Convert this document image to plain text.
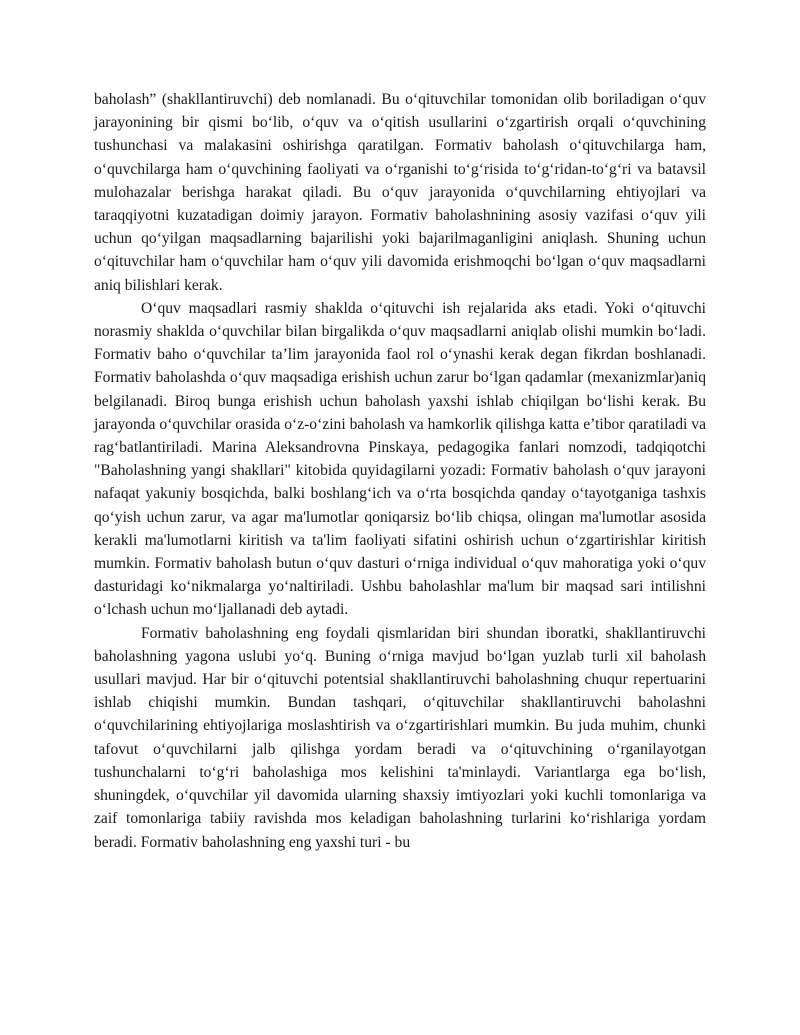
baholash” (shakllantiruvchi) deb nomlanadi. Bu o‘qituvchilar tomonidan olib boriladigan o‘quv jarayonining bir qismi bo‘lib, o‘quv va o‘qitish usullarini o‘zgartirish orqali o‘quvchining tushunchasi va malakasini oshirishga qaratilgan. Formativ baholash o‘qituvchilarga ham, o‘quvchilarga ham o‘quvchining faoliyati va o‘rganishi to‘g‘risida to‘g‘ridan-to‘g‘ri va batavsil mulohazalar berishga harakat qiladi. Bu o‘quv jarayonida o‘quvchilarning ehtiyojlari va taraqqiyotni kuzatadigan doimiy jarayon. Formativ baholashnining asosiy vazifasi o‘quv yili uchun qo‘yilgan maqsadlarning bajarilishi yoki bajarilmaganligini aniqlash. Shuning uchun o‘qituvchilar ham o‘quvchilar ham o‘quv yili davomida erishmoqchi bo‘lgan o‘quv maqsadlarni aniq bilishlari kerak.

O‘quv maqsadlari rasmiy shaklda o‘qituvchi ish rejalarida aks etadi. Yoki o‘qituvchi norasmiy shaklda o‘quvchilar bilan birgalikda o‘quv maqsadlarni aniqlab olishi mumkin bo‘ladi. Formativ baho o‘quvchilar ta’lim jarayonida faol rol o‘ynashi kerak degan fikrdan boshlanadi. Formativ baholashda o‘quv maqsadiga erishish uchun zarur bo‘lgan qadamlar (mexanizmlar)aniq belgilanadi. Biroq bunga erishish uchun baholash yaxshi ishlab chiqilgan bo‘lishi kerak. Bu jarayonda o‘quvchilar orasida o‘z-o‘zini baholash va hamkorlik qilishga katta e’tibor qaratiladi va rag‘batlantiriladi. Marina Aleksandrovna Pinskaya, pedagogika fanlari nomzodi, tadqiqotchi "Baholashning yangi shakllari" kitobida quyidagilarni yozadi: Formativ baholash o‘quv jarayoni nafaqat yakuniy bosqichda, balki boshlang‘ich va o‘rta bosqichda qanday o‘tayotganiga tashxis qo‘yish uchun zarur, va agar ma'lumotlar qoniqarsiz bo‘lib chiqsa, olingan ma'lumotlar asosida kerakli ma'lumotlarni kiritish va ta'lim faoliyati sifatini oshirish uchun o‘zgartirishlar kiritish mumkin. Formativ baholash butun o‘quv dasturi o‘rniga individual o‘quv mahoratiga yoki o‘quv dasturidagi ko‘nikmalarga yo‘naltiriladi. Ushbu baholashlar ma'lum bir maqsad sari intilishni o‘lchash uchun mo‘ljallanadi deb aytadi.

Formativ baholashning eng foydali qismlaridan biri shundan iboratki, shakllantiruvchi baholashning yagona uslubi yo‘q. Buning o‘rniga mavjud bo‘lgan yuzlab turli xil baholash usullari mavjud. Har bir o‘qituvchi potentsial shakllantiruvchi baholashning chuqur repertuarini ishlab chiqishi mumkin. Bundan tashqari, o‘qituvchilar shakllantiruvchi baholashni o‘quvchilarining ehtiyojlariga moslashtirish va o‘zgartirishlari mumkin. Bu juda muhim, chunki tafovut o‘quvchilarni jalb qilishga yordam beradi va o‘qituvchining o‘rganilayotgan tushunchalarni to‘g‘ri baholashiga mos kelishini ta'minlaydi. Variantlarga ega bo‘lish, shuningdek, o‘quvchilar yil davomida ularning shaxsiy imtiyozlari yoki kuchli tomonlariga va zaif tomonlariga tabiiy ravishda mos keladigan baholashning turlarini ko‘rishlariga yordam beradi. Formativ baholashning eng yaxshi turi - bu
